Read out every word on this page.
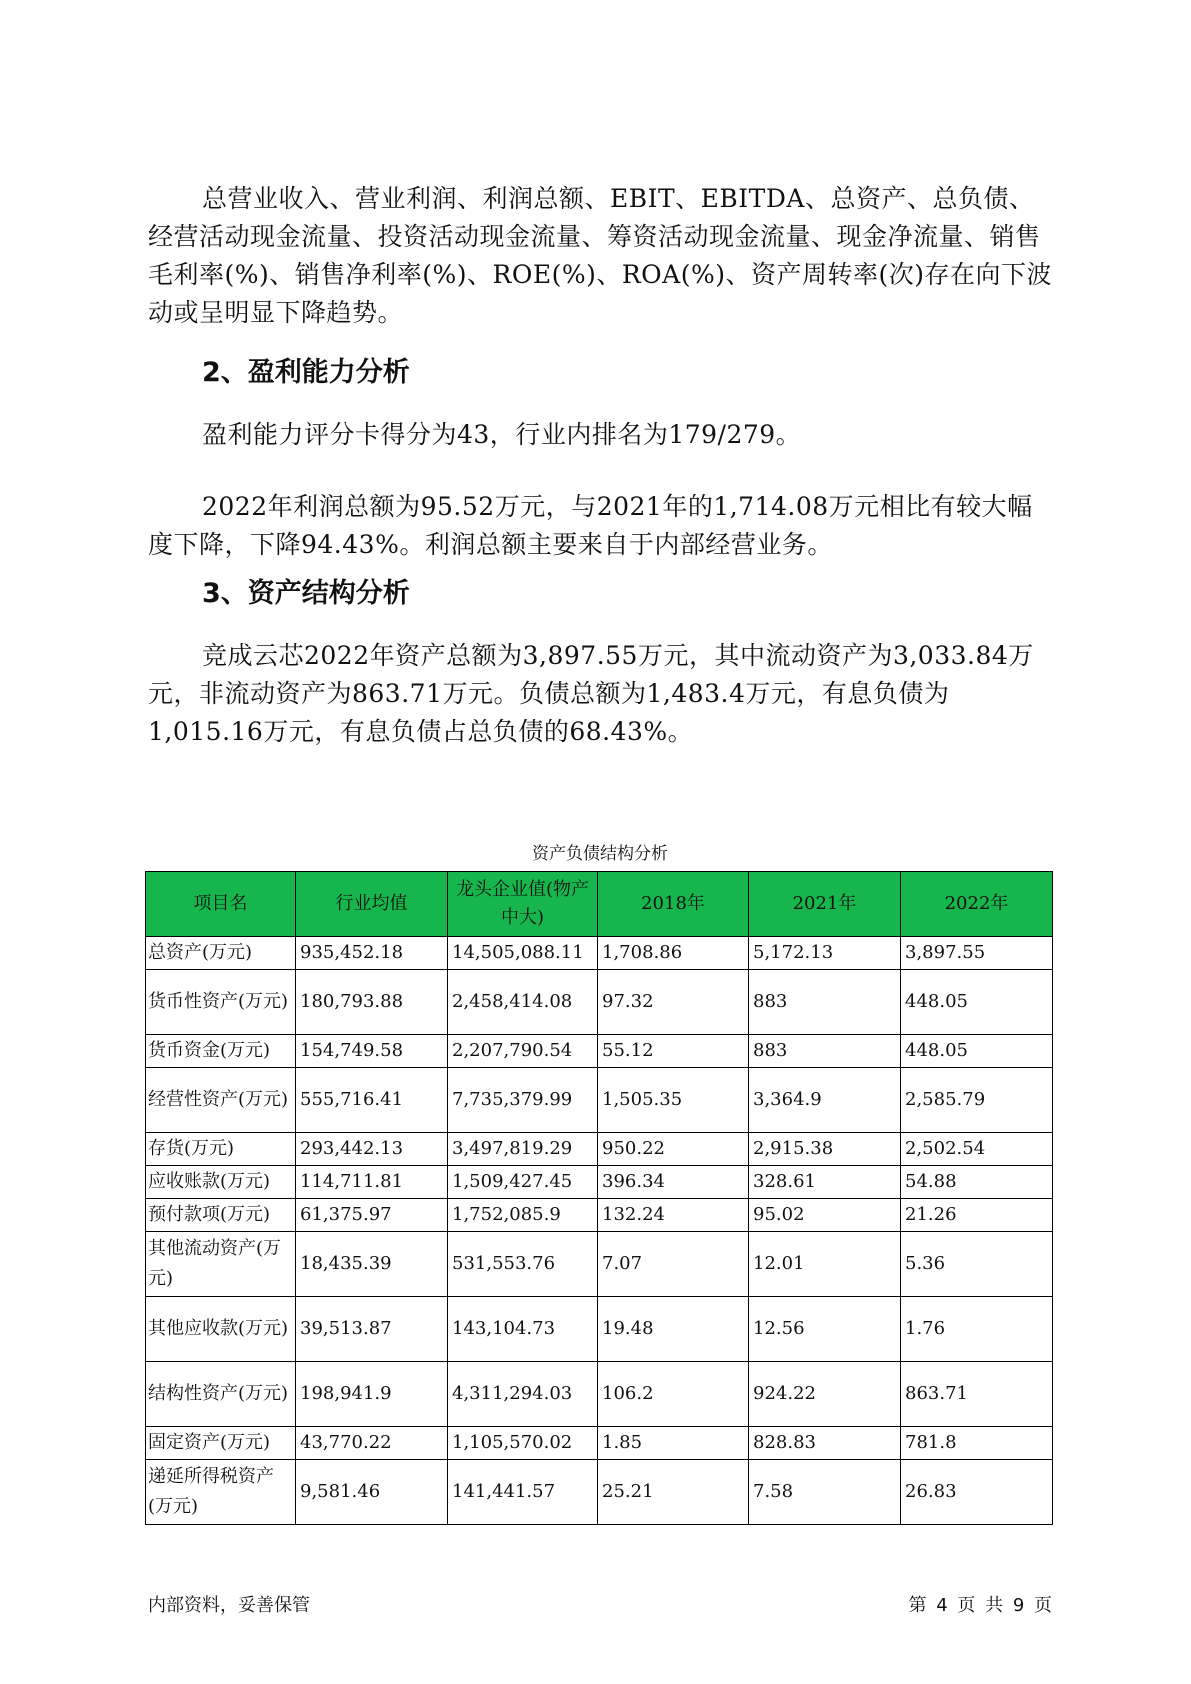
总营业收入、营业利润、利润总额、EBIT、EBITDA、总资产、总负债、经营活动现金流量、投资活动现金流量、筹资活动现金流量、现金净流量、销售毛利率(%)、销售净利率(%)、ROE(%)、ROA(%)、资产周转率(次)存在向下波动或呈明显下降趋势。

2、盈利能力分析

盈利能力评分卡得分为43，行业内排名为179/279。

2022年利润总额为95.52万元，与2021年的1,714.08万元相比有较大幅度下降，下降94.43%。利润总额主要来自于内部经营业务。

3、资产结构分析

竞成云芯2022年资产总额为3,897.55万元，其中流动资产为3,033.84万元，非流动资产为863.71万元。负债总额为1,483.4万元，有息负债为1,015.16万元，有息负债占总负债的68.43%。

资产负债结构分析
项目名	行业均值	龙头企业值(物产中大)	2018年	2021年	2022年
总资产(万元)	935,452.18	14,505,088.11	1,708.86	5,172.13	3,897.55
货币性资产(万元)	180,793.88	2,458,414.08	97.32	883	448.05
货币资金(万元)	154,749.58	2,207,790.54	55.12	883	448.05
经营性资产(万元)	555,716.41	7,735,379.99	1,505.35	3,364.9	2,585.79
存货(万元)	293,442.13	3,497,819.29	950.22	2,915.38	2,502.54
应收账款(万元)	114,711.81	1,509,427.45	396.34	328.61	54.88
预付款项(万元)	61,375.97	1,752,085.9	132.24	95.02	21.26
其他流动资产(万元)	18,435.39	531,553.76	7.07	12.01	5.36
其他应收款(万元)	39,513.87	143,104.73	19.48	12.56	1.76
结构性资产(万元)	198,941.9	4,311,294.03	106.2	924.22	863.71
固定资产(万元)	43,770.22	1,105,570.02	1.85	828.83	781.8
递延所得税资产(万元)	9,581.46	141,441.57	25.21	7.58	26.83
内部资料，妥善保管	第 4 页 共 9 页
